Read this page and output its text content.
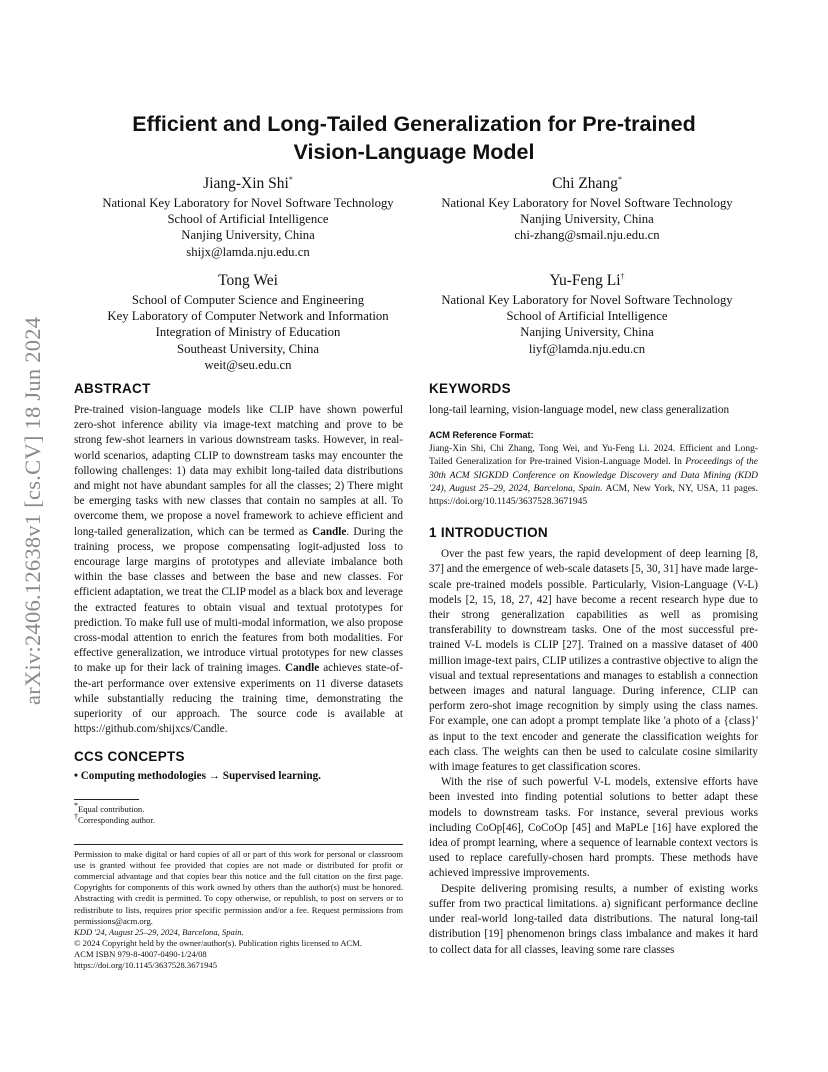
arXiv:2406.12638v1 [cs.CV] 18 Jun 2024
Efficient and Long-Tailed Generalization for Pre-trained
Vision-Language Model
Jiang-Xin Shi*
National Key Laboratory for Novel Software Technology
School of Artificial Intelligence
Nanjing University, China
shijx@lamda.nju.edu.cn
Chi Zhang*
National Key Laboratory for Novel Software Technology
Nanjing University, China
chi-zhang@smail.nju.edu.cn
Tong Wei
School of Computer Science and Engineering
Key Laboratory of Computer Network and Information
Integration of Ministry of Education
Southeast University, China
weit@seu.edu.cn
Yu-Feng Li†
National Key Laboratory for Novel Software Technology
School of Artificial Intelligence
Nanjing University, China
liyf@lamda.nju.edu.cn
ABSTRACT

Pre-trained vision-language models like CLIP have shown powerful zero-shot inference ability via image-text matching and prove to be strong few-shot learners in various downstream tasks. However, in real-world scenarios, adapting CLIP to downstream tasks may encounter the following challenges: 1) data may exhibit long-tailed data distributions and might not have abundant samples for all the classes; 2) There might be emerging tasks with new classes that contain no samples at all. To overcome them, we propose a novel framework to achieve efficient and long-tailed generalization, which can be termed as Candle. During the training process, we propose compensating logit-adjusted loss to encourage large margins of prototypes and alleviate imbalance both within the base classes and between the base and new classes. For efficient adaptation, we treat the CLIP model as a black box and leverage the extracted features to obtain visual and textual prototypes for prediction. To make full use of multi-modal information, we also propose cross-modal attention to enrich the features from both modalities. For effective generalization, we introduce virtual prototypes for new classes to make up for their lack of training images. Candle achieves state-of-the-art performance over extensive experiments on 11 diverse datasets while substantially reducing the training time, demonstrating the superiority of our approach. The source code is available at https://github.com/shijxcs/Candle.

CCS CONCEPTS
• Computing methodologies → Supervised learning.
*Equal contribution.
†Corresponding author.
Permission to make digital or hard copies of all or part of this work for personal or classroom use is granted without fee provided that copies are not made or distributed for profit or commercial advantage and that copies bear this notice and the full citation on the first page. Copyrights for components of this work owned by others than the author(s) must be honored. Abstracting with credit is permitted. To copy otherwise, or republish, to post on servers or to redistribute to lists, requires prior specific permission and/or a fee. Request permissions from permissions@acm.org.
KDD '24, August 25–29, 2024, Barcelona, Spain.
© 2024 Copyright held by the owner/author(s). Publication rights licensed to ACM.
ACM ISBN 979-8-4007-0490-1/24/08
https://doi.org/10.1145/3637528.3671945
KEYWORDS
long-tail learning, vision-language model, new class generalization
ACM Reference Format:
Jiang-Xin Shi, Chi Zhang, Tong Wei, and Yu-Feng Li. 2024. Efficient and Long-Tailed Generalization for Pre-trained Vision-Language Model. In Proceedings of the 30th ACM SIGKDD Conference on Knowledge Discovery and Data Mining (KDD '24), August 25–29, 2024, Barcelona, Spain. ACM, New York, NY, USA, 11 pages. https://doi.org/10.1145/3637528.3671945
1 INTRODUCTION

Over the past few years, the rapid development of deep learning [8, 37] and the emergence of web-scale datasets [5, 30, 31] have made large-scale pre-trained models possible. Particularly, Vision-Language (V-L) models [2, 15, 18, 27, 42] have become a recent research hype due to their strong generalization capabilities as well as promising transferability to downstream tasks. One of the most successful pre-trained V-L models is CLIP [27]. Trained on a massive dataset of 400 million image-text pairs, CLIP utilizes a contrastive objective to align the visual and textual representations and manages to establish a connection between images and natural language. During inference, CLIP can perform zero-shot image recognition by simply using the class names. For example, one can adopt a prompt template like 'a photo of a {class}' as input to the text encoder and generate the classification weights for each class. The weights can then be used to calculate cosine similarity with image features to get classification scores.

With the rise of such powerful V-L models, extensive efforts have been invested into finding potential solutions to better adapt these models to downstream tasks. For instance, several previous works including CoOp[46], CoCoOp [45] and MaPLe [16] have explored the idea of prompt learning, where a sequence of learnable context vectors is used to replace carefully-chosen hard prompts. These methods have achieved impressive improvements.

Despite delivering promising results, a number of existing works suffer from two practical limitations. a) significant performance decline under real-world long-tailed data distributions. The natural long-tail distribution [19] phenomenon brings class imbalance and makes it hard to collect data for all classes, leaving some rare classes
